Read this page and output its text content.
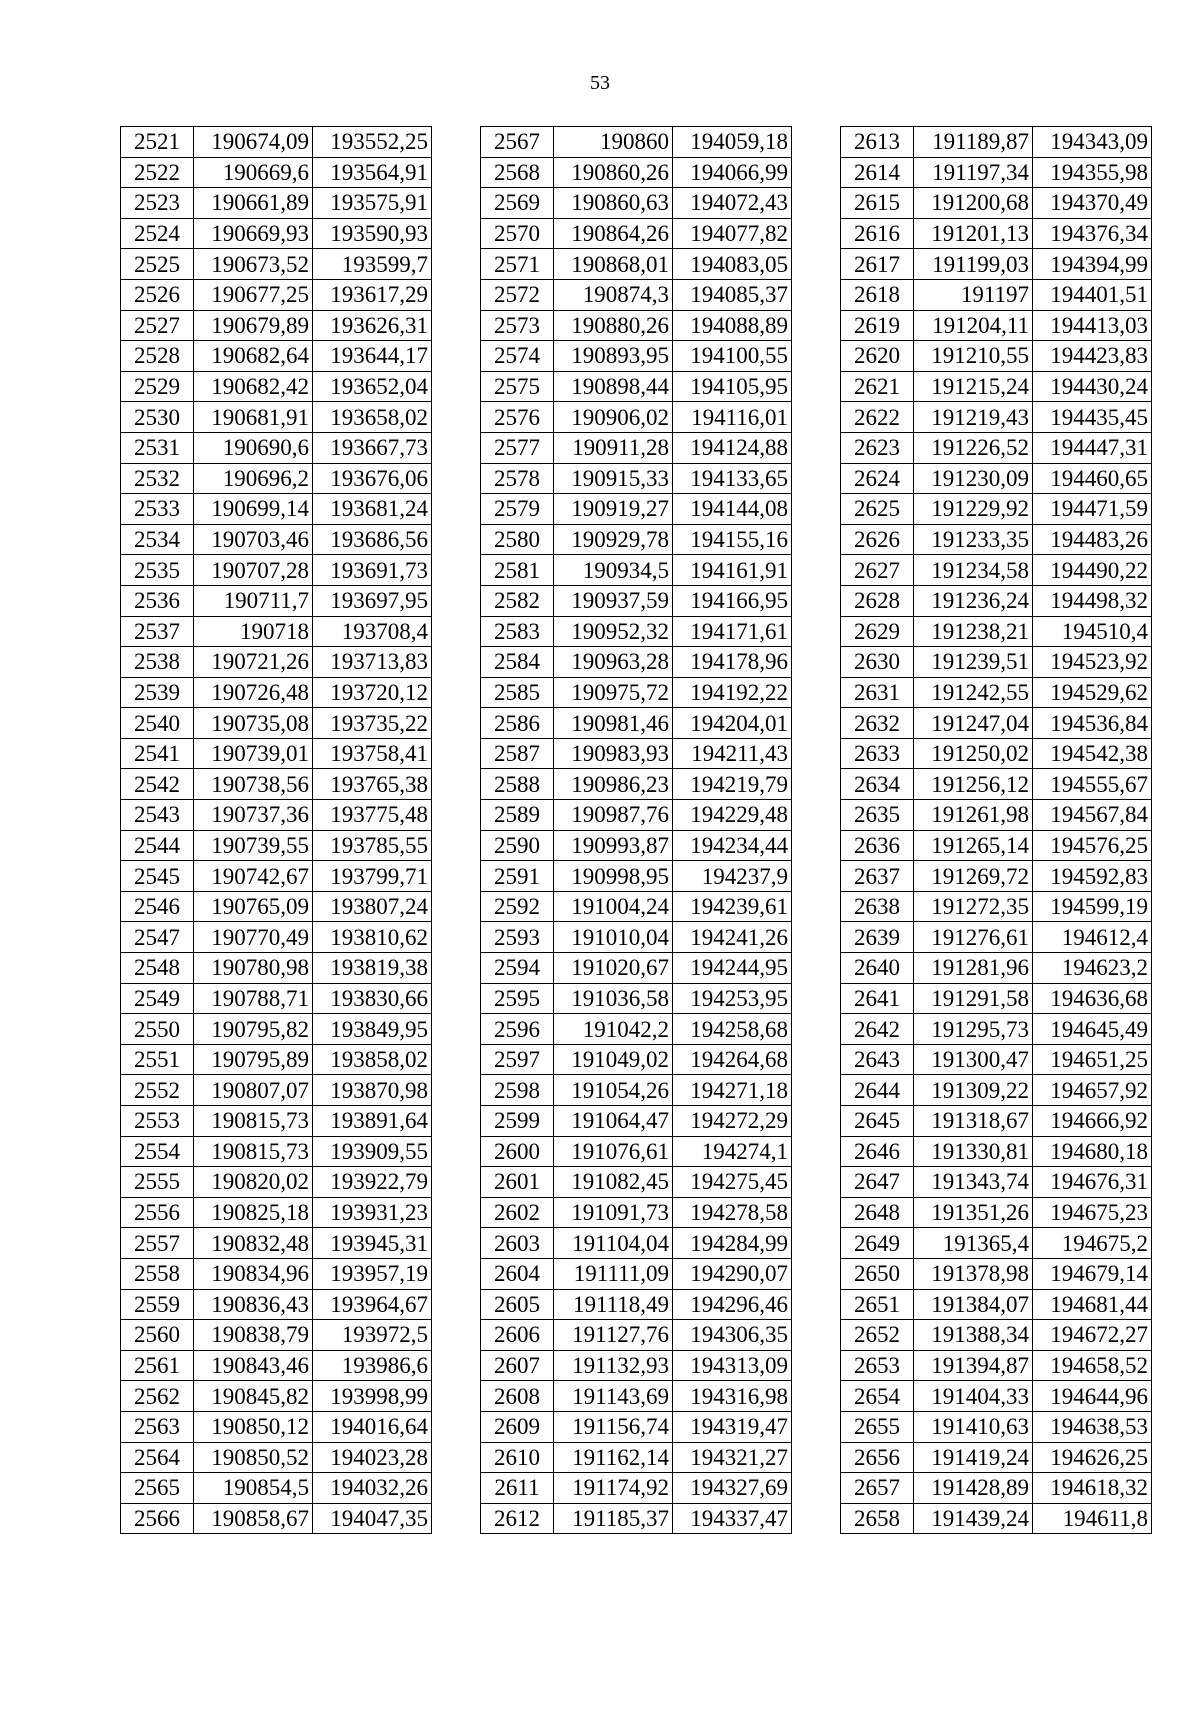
53
2521	190674,09	193552,25
2522	190669,6	193564,91
2523	190661,89	193575,91
2524	190669,93	193590,93
2525	190673,52	193599,7
2526	190677,25	193617,29
2527	190679,89	193626,31
2528	190682,64	193644,17
2529	190682,42	193652,04
2530	190681,91	193658,02
2531	190690,6	193667,73
2532	190696,2	193676,06
2533	190699,14	193681,24
2534	190703,46	193686,56
2535	190707,28	193691,73
2536	190711,7	193697,95
2537	190718	193708,4
2538	190721,26	193713,83
2539	190726,48	193720,12
2540	190735,08	193735,22
2541	190739,01	193758,41
2542	190738,56	193765,38
2543	190737,36	193775,48
2544	190739,55	193785,55
2545	190742,67	193799,71
2546	190765,09	193807,24
2547	190770,49	193810,62
2548	190780,98	193819,38
2549	190788,71	193830,66
2550	190795,82	193849,95
2551	190795,89	193858,02
2552	190807,07	193870,98
2553	190815,73	193891,64
2554	190815,73	193909,55
2555	190820,02	193922,79
2556	190825,18	193931,23
2557	190832,48	193945,31
2558	190834,96	193957,19
2559	190836,43	193964,67
2560	190838,79	193972,5
2561	190843,46	193986,6
2562	190845,82	193998,99
2563	190850,12	194016,64
2564	190850,52	194023,28
2565	190854,5	194032,26
2566	190858,67	194047,35
2567	190860	194059,18
2568	190860,26	194066,99
2569	190860,63	194072,43
2570	190864,26	194077,82
2571	190868,01	194083,05
2572	190874,3	194085,37
2573	190880,26	194088,89
2574	190893,95	194100,55
2575	190898,44	194105,95
2576	190906,02	194116,01
2577	190911,28	194124,88
2578	190915,33	194133,65
2579	190919,27	194144,08
2580	190929,78	194155,16
2581	190934,5	194161,91
2582	190937,59	194166,95
2583	190952,32	194171,61
2584	190963,28	194178,96
2585	190975,72	194192,22
2586	190981,46	194204,01
2587	190983,93	194211,43
2588	190986,23	194219,79
2589	190987,76	194229,48
2590	190993,87	194234,44
2591	190998,95	194237,9
2592	191004,24	194239,61
2593	191010,04	194241,26
2594	191020,67	194244,95
2595	191036,58	194253,95
2596	191042,2	194258,68
2597	191049,02	194264,68
2598	191054,26	194271,18
2599	191064,47	194272,29
2600	191076,61	194274,1
2601	191082,45	194275,45
2602	191091,73	194278,58
2603	191104,04	194284,99
2604	191111,09	194290,07
2605	191118,49	194296,46
2606	191127,76	194306,35
2607	191132,93	194313,09
2608	191143,69	194316,98
2609	191156,74	194319,47
2610	191162,14	194321,27
2611	191174,92	194327,69
2612	191185,37	194337,47
2613	191189,87	194343,09
2614	191197,34	194355,98
2615	191200,68	194370,49
2616	191201,13	194376,34
2617	191199,03	194394,99
2618	191197	194401,51
2619	191204,11	194413,03
2620	191210,55	194423,83
2621	191215,24	194430,24
2622	191219,43	194435,45
2623	191226,52	194447,31
2624	191230,09	194460,65
2625	191229,92	194471,59
2626	191233,35	194483,26
2627	191234,58	194490,22
2628	191236,24	194498,32
2629	191238,21	194510,4
2630	191239,51	194523,92
2631	191242,55	194529,62
2632	191247,04	194536,84
2633	191250,02	194542,38
2634	191256,12	194555,67
2635	191261,98	194567,84
2636	191265,14	194576,25
2637	191269,72	194592,83
2638	191272,35	194599,19
2639	191276,61	194612,4
2640	191281,96	194623,2
2641	191291,58	194636,68
2642	191295,73	194645,49
2643	191300,47	194651,25
2644	191309,22	194657,92
2645	191318,67	194666,92
2646	191330,81	194680,18
2647	191343,74	194676,31
2648	191351,26	194675,23
2649	191365,4	194675,2
2650	191378,98	194679,14
2651	191384,07	194681,44
2652	191388,34	194672,27
2653	191394,87	194658,52
2654	191404,33	194644,96
2655	191410,63	194638,53
2656	191419,24	194626,25
2657	191428,89	194618,32
2658	191439,24	194611,8
